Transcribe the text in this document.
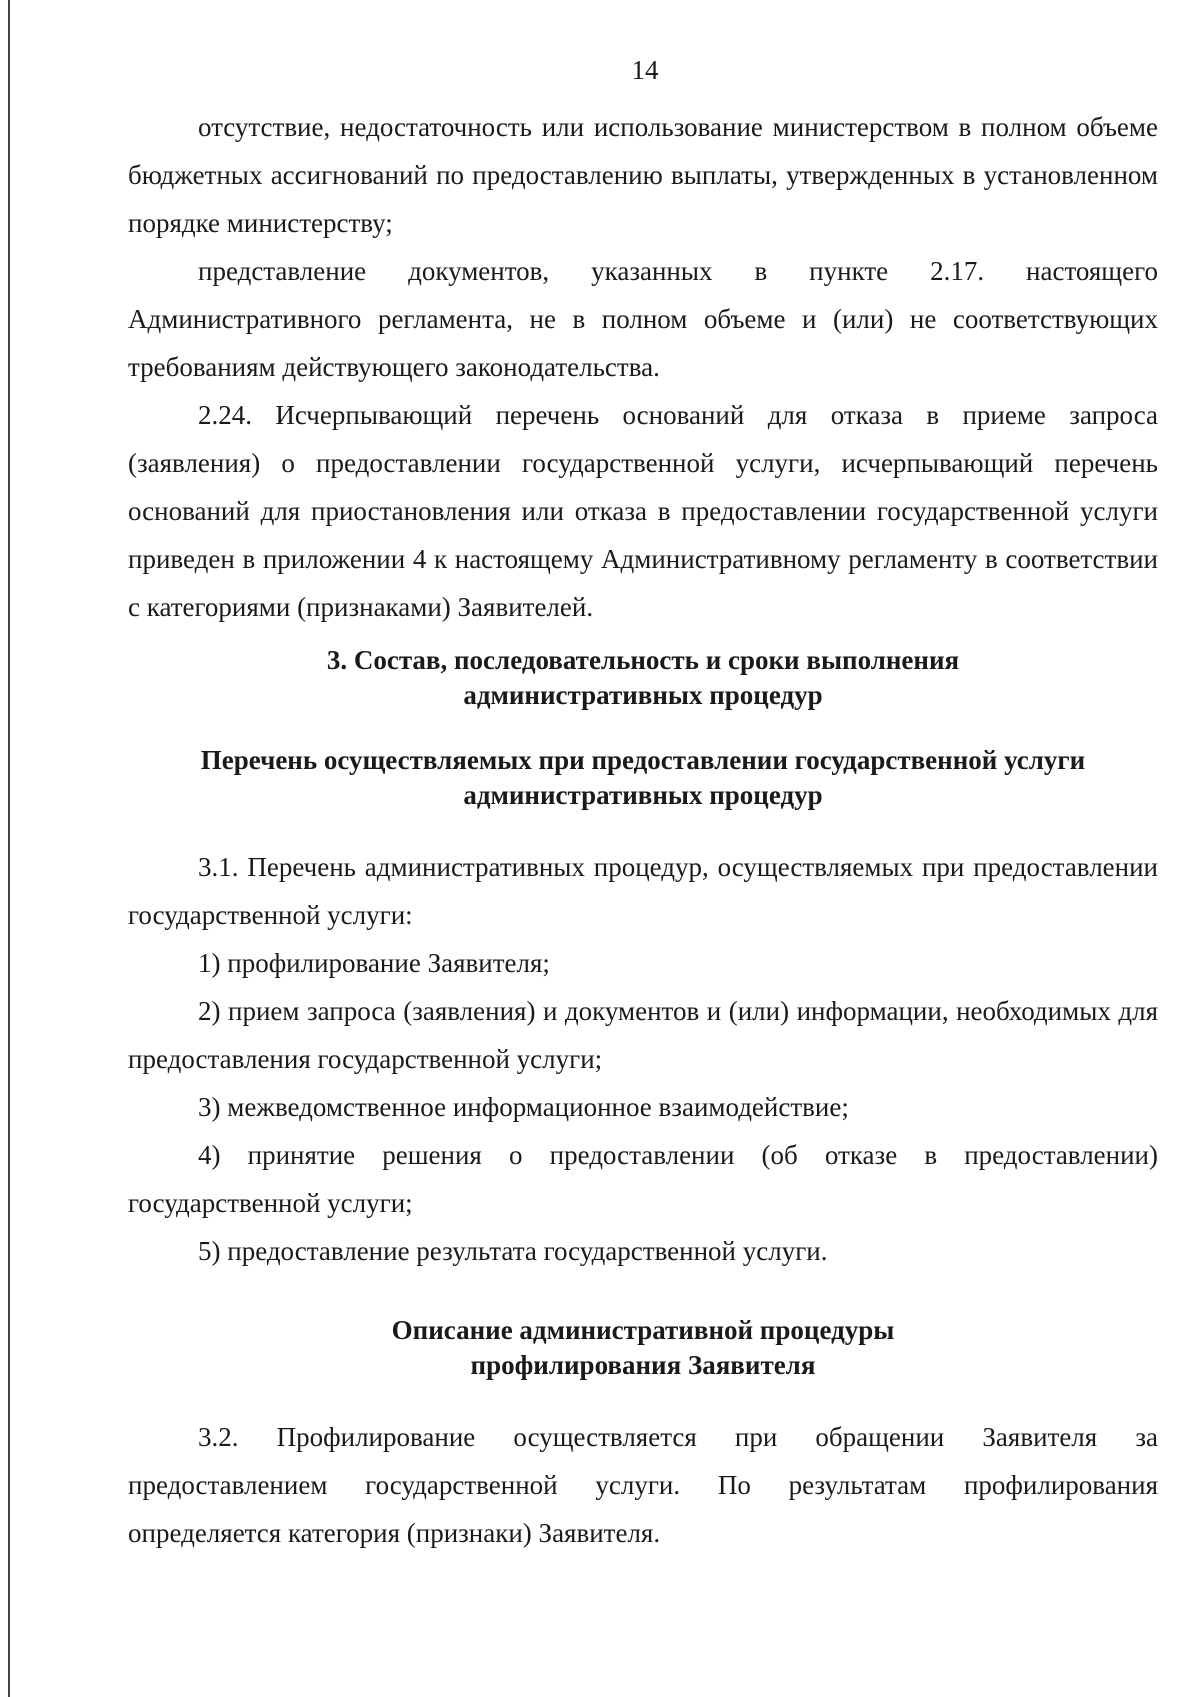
14

отсутствие, недостаточность или использование министерством в полном объеме бюджетных ассигнований по предоставлению выплаты, утвержденных в установленном порядке министерству;

представление документов, указанных в пункте 2.17. настоящего Административного регламента, не в полном объеме и (или) не соответствующих требованиям действующего законодательства.

2.24. Исчерпывающий перечень оснований для отказа в приеме запроса (заявления) о предоставлении государственной услуги, исчерпывающий перечень оснований для приостановления или отказа в предоставлении государственной услуги приведен в приложении 4 к настоящему Административному регламенту в соответствии с категориями (признаками) Заявителей.

3. Состав, последовательность и сроки выполнения
административных процедур
Перечень осуществляемых при предоставлении государственной услуги
административных процедур

3.1. Перечень административных процедур, осуществляемых при предоставлении государственной услуги:

1) профилирование Заявителя;

2) прием запроса (заявления) и документов и (или) информации, необходимых для предоставления государственной услуги;

3) межведомственное информационное взаимодействие;

4) принятие решения о предоставлении (об отказе в предоставлении) государственной услуги;

5) предоставление результата государственной услуги.

Описание административной процедуры
профилирования Заявителя

3.2. Профилирование осуществляется при обращении Заявителя за предоставлением государственной услуги. По результатам профилирования определяется категория (признаки) Заявителя.
